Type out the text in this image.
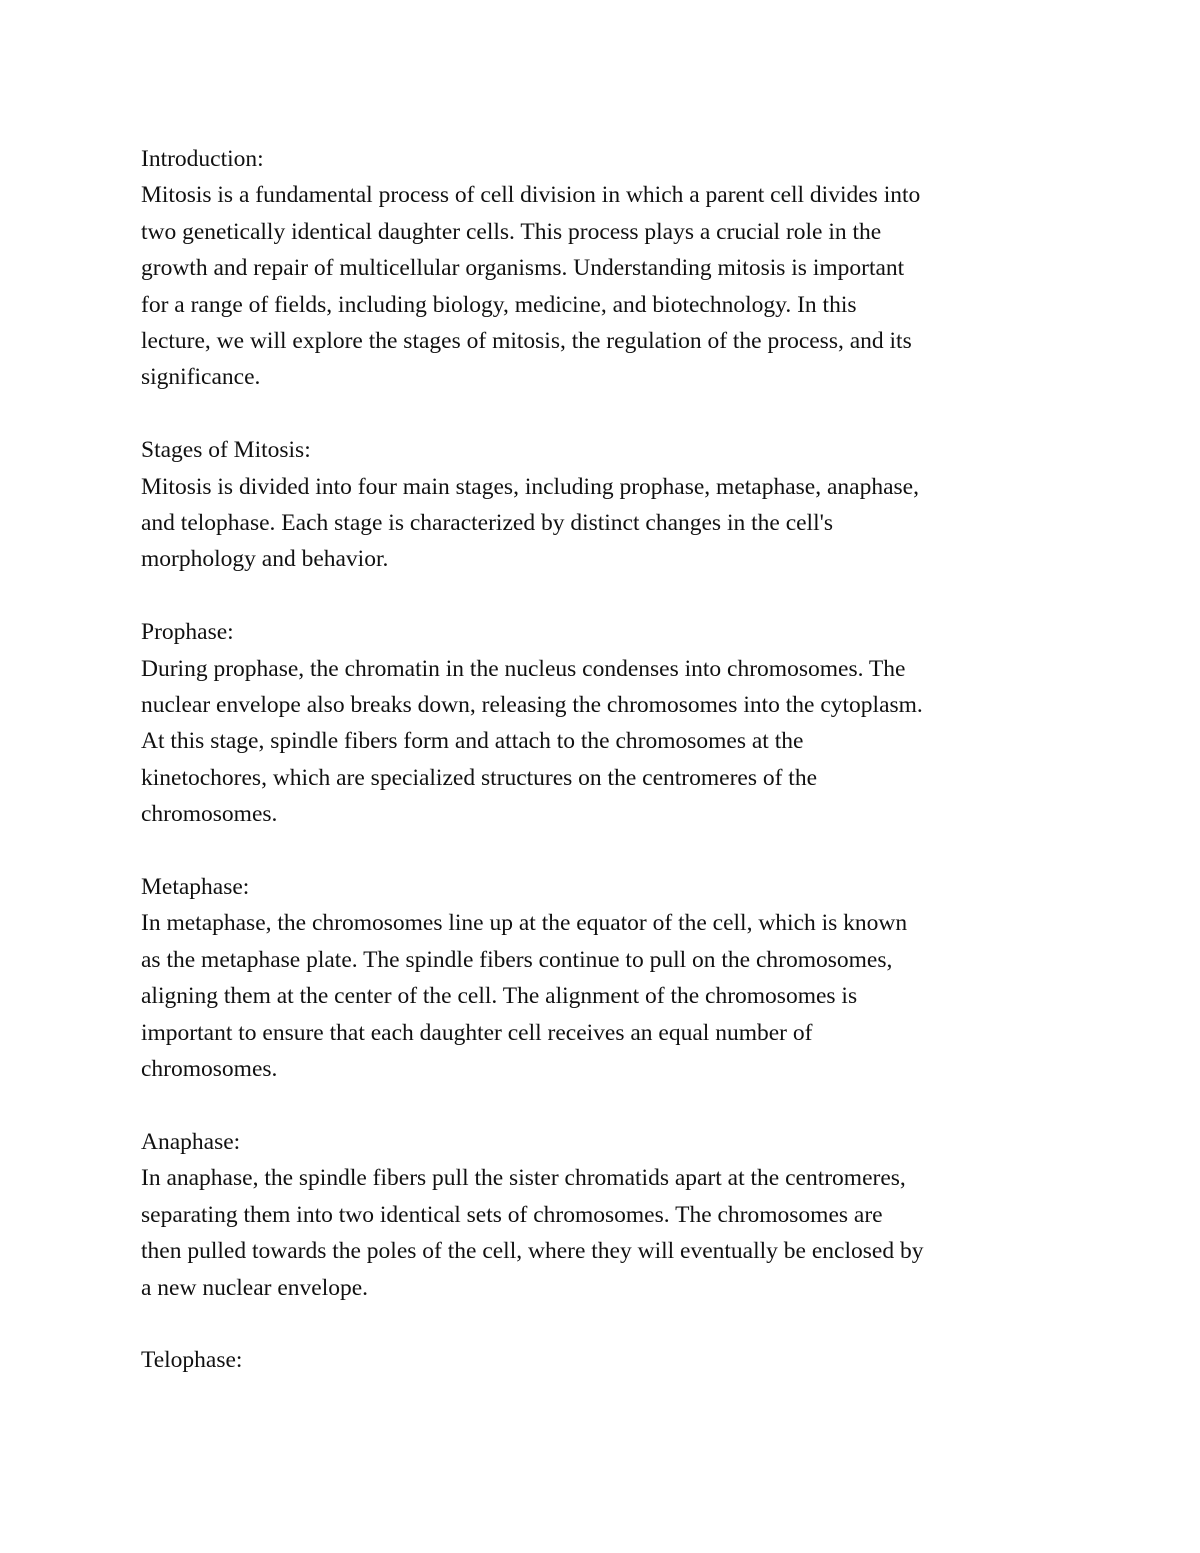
Introduction:
Mitosis is a fundamental process of cell division in which a parent cell divides into
two genetically identical daughter cells. This process plays a crucial role in the
growth and repair of multicellular organisms. Understanding mitosis is important
for a range of fields, including biology, medicine, and biotechnology. In this
lecture, we will explore the stages of mitosis, the regulation of the process, and its
significance.
Stages of Mitosis:
Mitosis is divided into four main stages, including prophase, metaphase, anaphase,
and telophase. Each stage is characterized by distinct changes in the cell's
morphology and behavior.
Prophase:
During prophase, the chromatin in the nucleus condenses into chromosomes. The
nuclear envelope also breaks down, releasing the chromosomes into the cytoplasm.
At this stage, spindle fibers form and attach to the chromosomes at the
kinetochores, which are specialized structures on the centromeres of the
chromosomes.
Metaphase:
In metaphase, the chromosomes line up at the equator of the cell, which is known
as the metaphase plate. The spindle fibers continue to pull on the chromosomes,
aligning them at the center of the cell. The alignment of the chromosomes is
important to ensure that each daughter cell receives an equal number of
chromosomes.
Anaphase:
In anaphase, the spindle fibers pull the sister chromatids apart at the centromeres,
separating them into two identical sets of chromosomes. The chromosomes are
then pulled towards the poles of the cell, where they will eventually be enclosed by
a new nuclear envelope.
Telophase:
